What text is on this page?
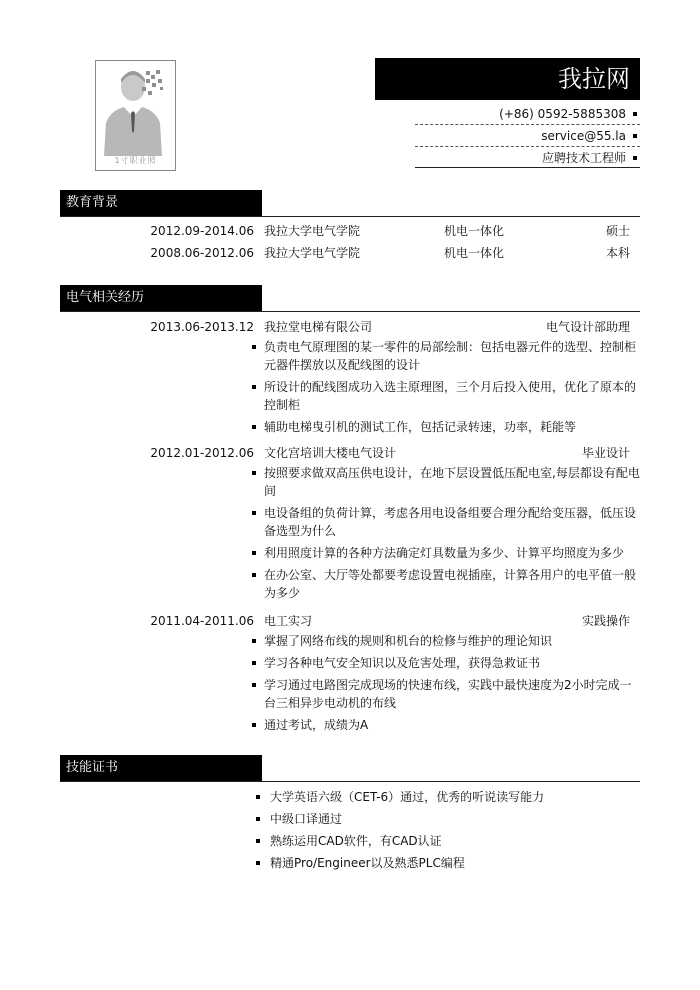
1寸职业照
我拉网
(+86) 0592-5885308
service@55.la
应聘技术工程师
教育背景
2012.09-2014.06 我拉大学电气学院	机电一体化	硕士
2008.06-2012.06 我拉大学电气学院	机电一体化	本科
电气相关经历
2013.06-2013.12 我拉堂电梯有限公司	电气设计部助理
负责电气原理图的某一零件的局部绘制：包括电器元件的选型、控制柜元器件摆放以及配线图的设计
所设计的配线图成功入选主原理图，三个月后投入使用，优化了原本的控制柜
辅助电梯曳引机的测试工作，包括记录转速，功率，耗能等
2012.01-2012.06 文化宫培训大楼电气设计	毕业设计
按照要求做双高压供电设计，在地下层设置低压配电室,每层都设有配电间
电设备组的负荷计算，考虑各用电设备组要合理分配给变压器，低压设备选型为什么
利用照度计算的各种方法确定灯具数量为多少、计算平均照度为多少
在办公室、大厅等处都要考虑设置电视插座，计算各用户的电平值一般为多少
2011.04-2011.06 电工实习	实践操作
掌握了网络布线的规则和机台的检修与维护的理论知识
学习各种电气安全知识以及危害处理，获得急救证书
学习通过电路图完成现场的快速布线，实践中最快速度为2小时完成一台三相异步电动机的布线
通过考试，成绩为A
技能证书
大学英语六级（CET-6）通过，优秀的听说读写能力
中级口译通过
熟练运用CAD软件，有CAD认证
精通Pro/Engineer以及熟悉PLC编程
